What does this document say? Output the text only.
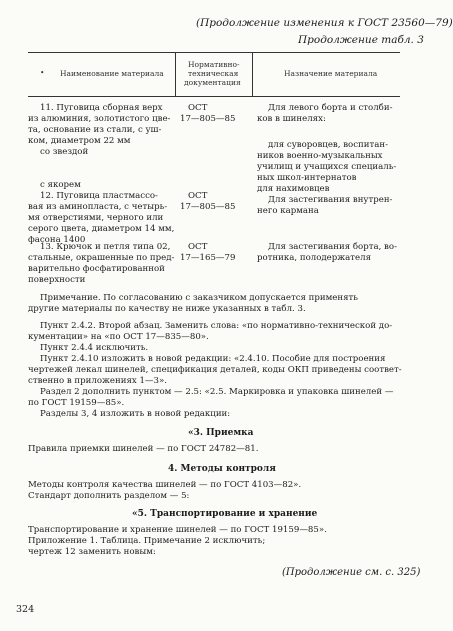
(Продолжение изменения к ГОСТ 23560—79)
Продолжение табл. 3
• Наименование материала
Нормативно-
техническая
документация
Назначение материала
11. Пуговица сборная верх
из алюминия, золотистого цве-
та, основание из стали, с уш-
ком, диаметром 22 мм
со звездой
ОСТ
17—805—85
Для левого борта и столби-
ков в шинелях:
для суворовцев, воспитан-
ников военно-музыкальных
училищ и учащихся специаль-
ных школ-интернатов
для нахимовцев
с якорем
12. Пуговица пластмассо-
вая из аминопласта, с четырь-
мя отверстиями, черного или
серого цвета, диаметром 14 мм,
фасона 1400
ОСТ
17—805—85
Для застегивания внутрен-
него кармана
13. Крючок и петля типа 02,
стальные, окрашенные по пред-
варительно фосфатированной
поверхности
ОСТ
17—165—79
Для застегивания борта, во-
ротника, полодержателя
Примечание. По согласованию с заказчиком допускается применять
другие материалы по качеству не ниже указанных в табл. 3.
Пункт 2.4.2. Второй абзац. Заменить слова: «по нормативно-технической до-
кументации» на «по ОСТ 17—835—80».
Пункт 2.4.4 исключить.
Пункт 2.4.10 изложить в новой редакции: «2.4.10. Пособие для построения
чертежей лекал шинелей, спецификация деталей, коды ОКП приведены соответ-
ственно в приложениях 1—3».
Раздел 2 дополнить пунктом — 2.5: «2.5. Маркировка и упаковка шинелей —
по ГОСТ 19159—85».
Разделы 3, 4 изложить в новой редакции:
«3. Приемка
Правила приемки шинелей — по ГОСТ 24782—81.
4. Методы контроля
Методы контроля качества шинелей — по ГОСТ 4103—82».
Стандарт дополнить разделом — 5:
«5. Транспортирование и хранение
Транспортирование и хранение шинелей — по ГОСТ 19159—85».
Приложение 1. Таблица. Примечание 2 исключить;
чертеж 12 заменить новым:
(Продолжение см. с. 325)
324
